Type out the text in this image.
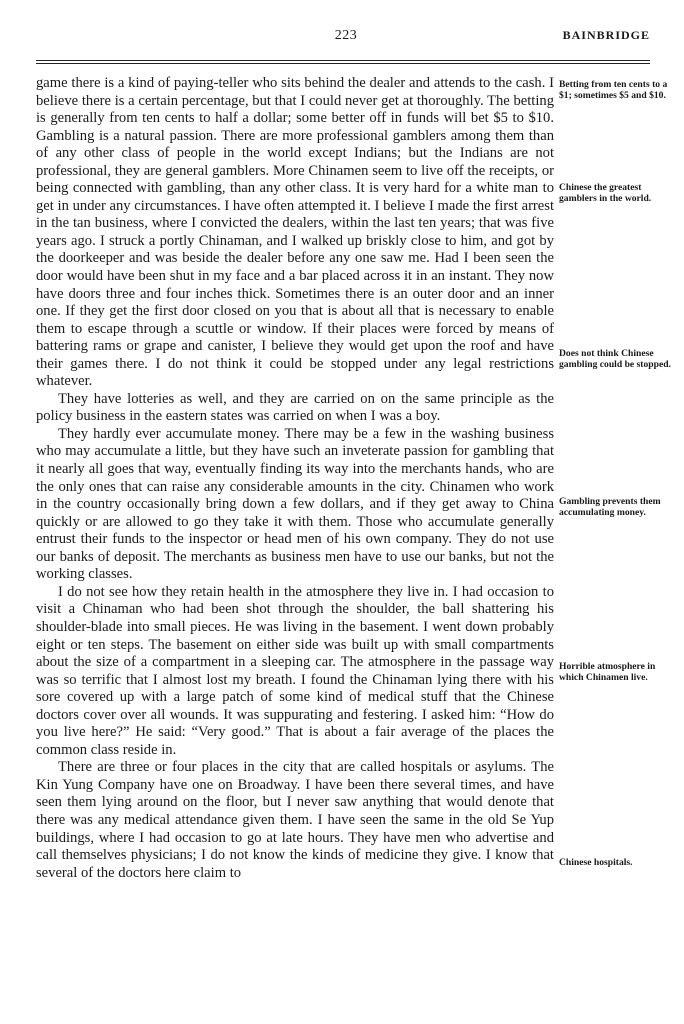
223	BAINBRIDGE

game there is a kind of paying-teller who sits behind the dealer and attends to the cash. I believe there is a certain percentage, but that I could never get at thoroughly. The betting is generally from ten cents to half a dollar; some better off in funds will bet $5 to $10. Gambling is a natural passion. There are more professional gamblers among them than of any other class of people in the world except Indians; but the Indians are not professional, they are general gamblers. More Chinamen seem to live off the receipts, or being connected with gambling, than any other class. It is very hard for a white man to get in under any circumstances. I have often attempted it. I believe I made the first arrest in the tan business, where I convicted the dealers, within the last ten years; that was five years ago. I struck a portly Chinaman, and I walked up briskly close to him, and got by the doorkeeper and was beside the dealer before any one saw me. Had I been seen the door would have been shut in my face and a bar placed across it in an instant. They now have doors three and four inches thick. Sometimes there is an outer door and an inner one. If they get the first door closed on you that is about all that is necessary to enable them to escape through a scuttle or window. If their places were forced by means of battering rams or grape and canister, I believe they would get upon the roof and have their games there. I do not think it could be stopped under any legal restrictions whatever.

They have lotteries as well, and they are carried on on the same principle as the policy business in the eastern states was carried on when I was a boy.

They hardly ever accumulate money. There may be a few in the washing business who may accumulate a little, but they have such an inveterate passion for gambling that it nearly all goes that way, eventually finding its way into the merchants hands, who are the only ones that can raise any considerable amounts in the city. Chinamen who work in the country occasionally bring down a few dollars, and if they get away to China quickly or are allowed to go they take it with them. Those who accumulate generally entrust their funds to the inspector or head men of his own company. They do not use our banks of deposit. The merchants as business men have to use our banks, but not the working classes.

I do not see how they retain health in the atmosphere they live in. I had occasion to visit a Chinaman who had been shot through the shoulder, the ball shattering his shoulder-blade into small pieces. He was living in the basement. I went down probably eight or ten steps. The basement on either side was built up with small compartments about the size of a compartment in a sleeping car. The atmosphere in the passage way was so terrific that I almost lost my breath. I found the Chinaman lying there with his sore covered up with a large patch of some kind of medical stuff that the Chinese doctors cover over all wounds. It was suppurating and festering. I asked him: “How do you live here?” He said: “Very good.” That is about a fair average of the places the common class reside in.

There are three or four places in the city that are called hospitals or asylums. The Kin Yung Company have one on Broadway. I have been there several times, and have seen them lying around on the floor, but I never saw anything that would denote that there was any medical attendance given them. I have seen the same in the old Se Yup buildings, where I had occasion to go at late hours. They have men who advertise and call themselves physicians; I do not know the kinds of medicine they give. I know that several of the doctors here claim to

Betting from ten cents to a $1; sometimes $5 and $10.
Chinese the greatest gamblers in the world.
Does not think Chinese gambling could be stopped.
Gambling prevents them accumulating money.
Horrible atmosphere in which Chinamen live.
Chinese hospitals.
